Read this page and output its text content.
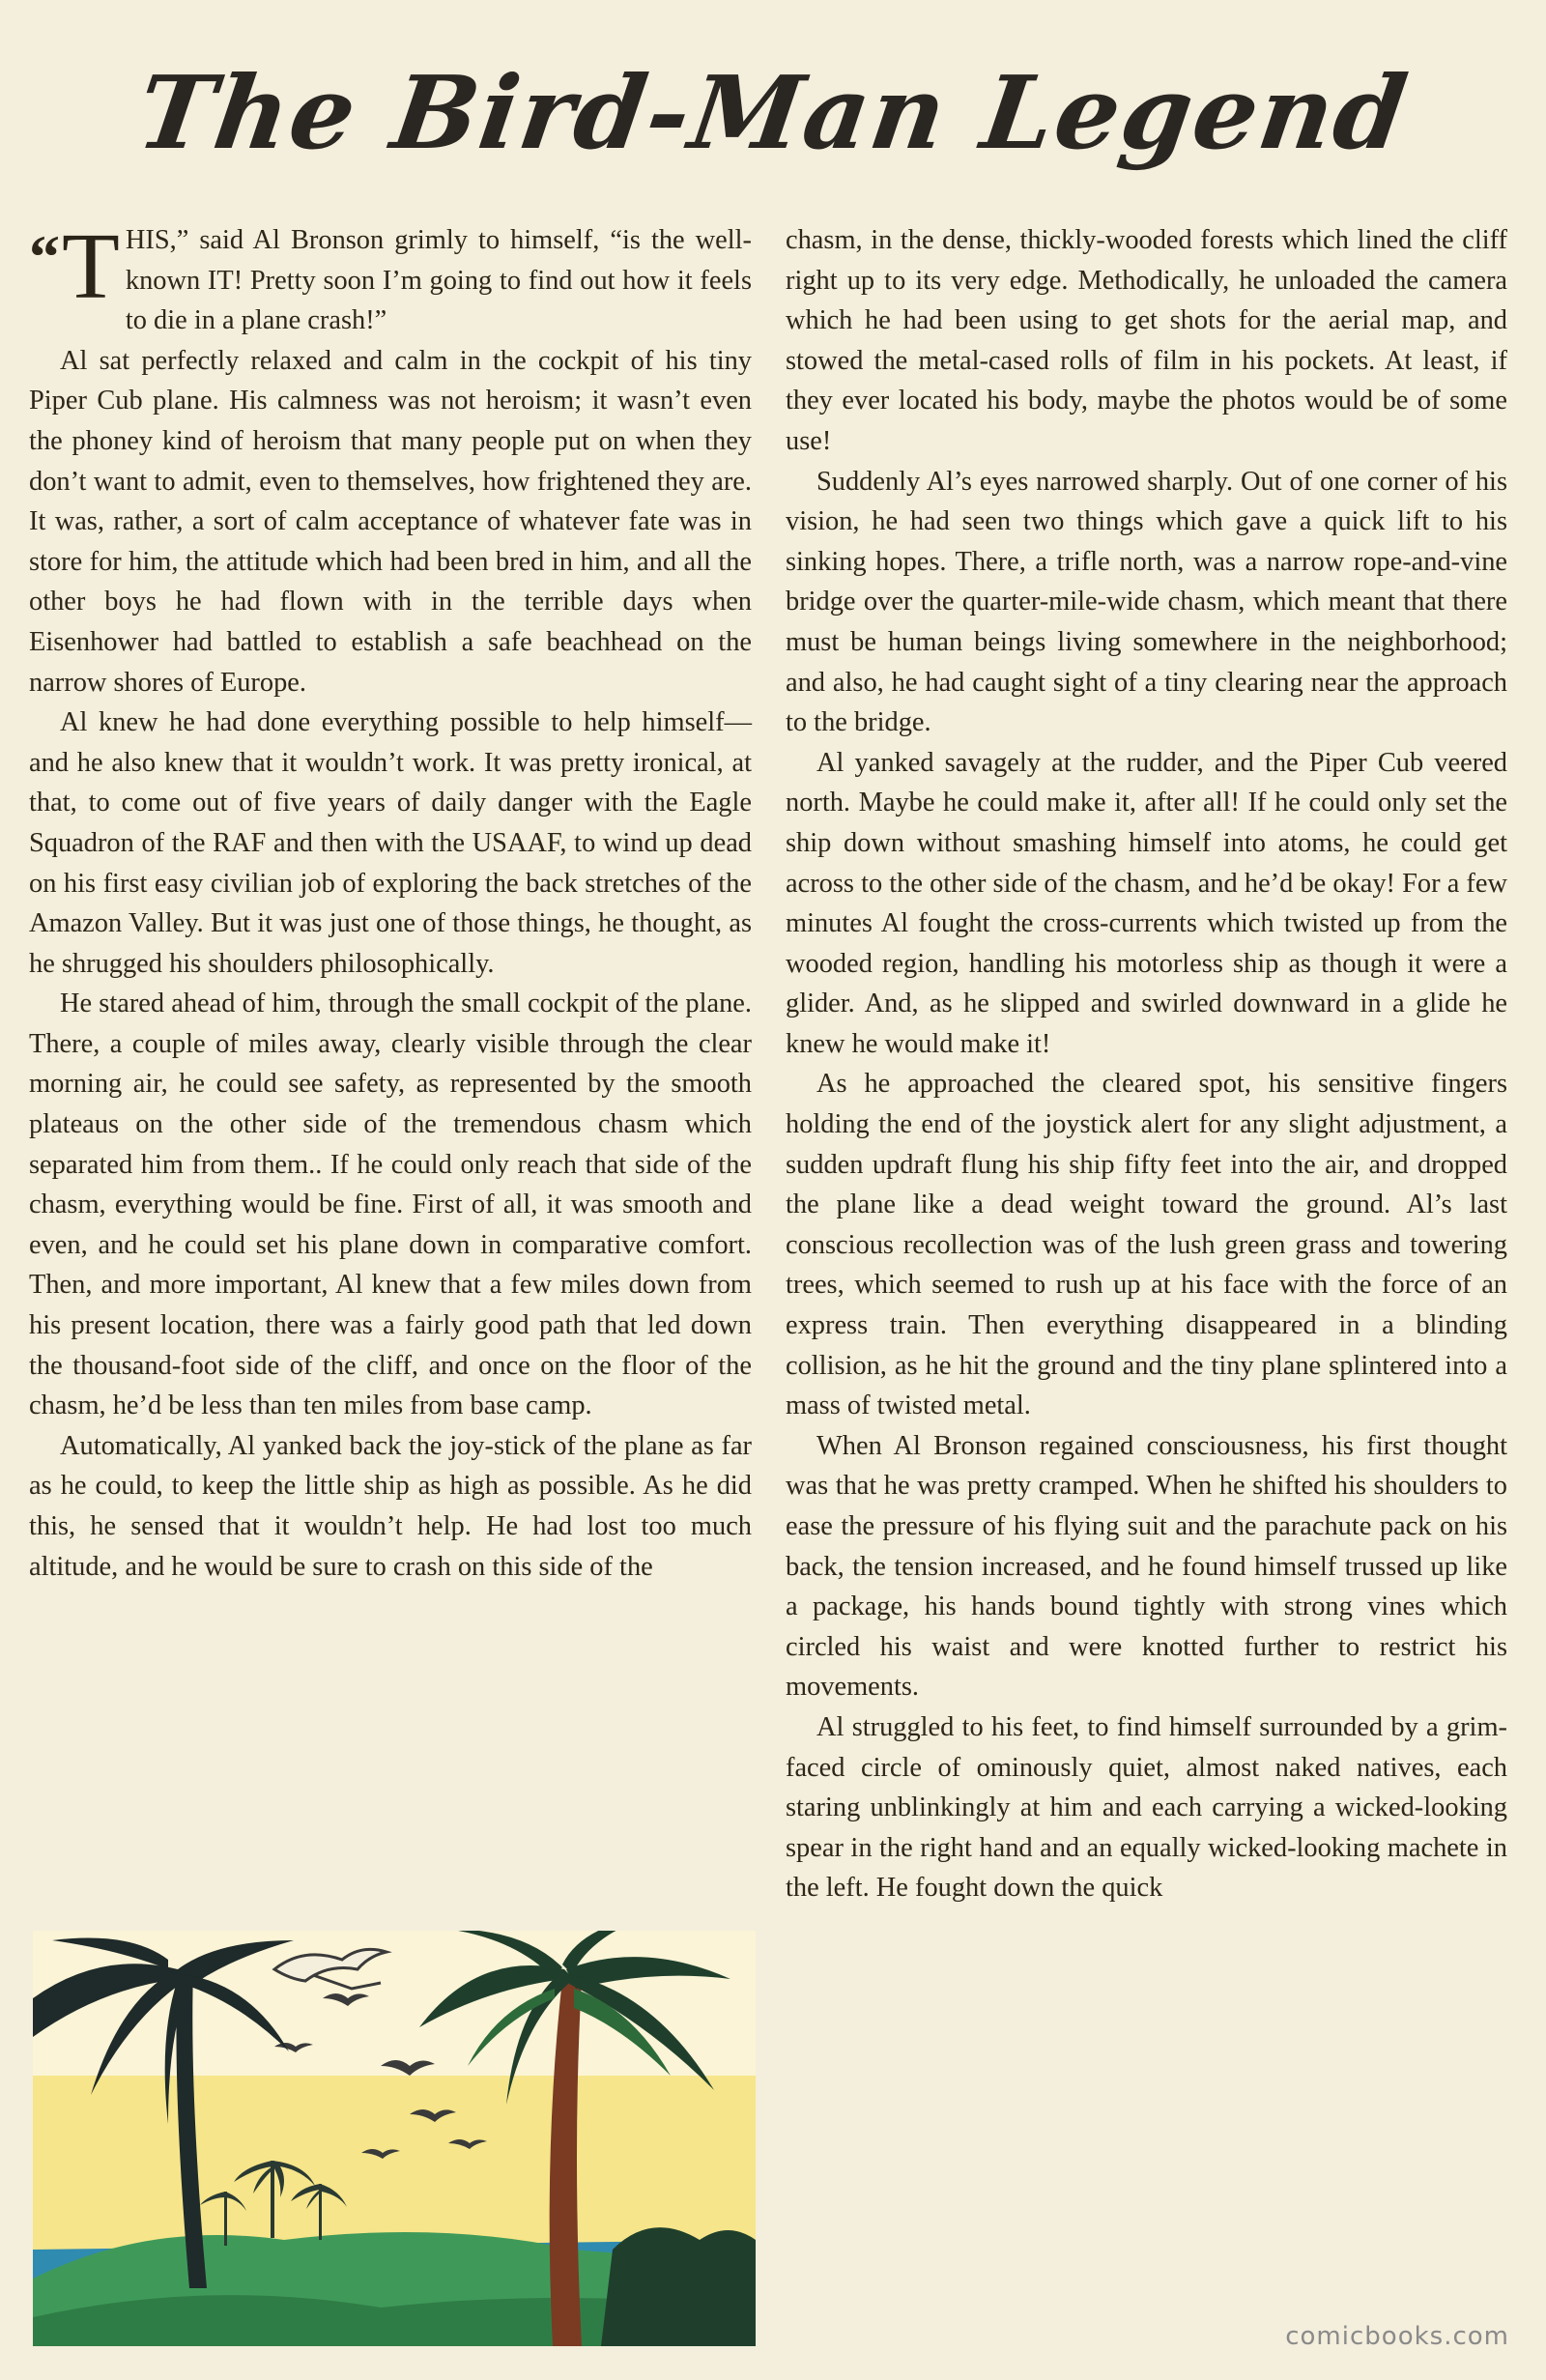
The Bird-Man Legend

“ T HIS,” said Al Bronson grimly to himself, “is the well-known IT! Pretty soon I’m going to find out how it feels to die in a plane crash!”

Al sat perfectly relaxed and calm in the cockpit of his tiny Piper Cub plane. His calmness was not heroism; it wasn’t even the phoney kind of heroism that many people put on when they don’t want to admit, even to themselves, how frightened they are. It was, rather, a sort of calm acceptance of whatever fate was in store for him, the attitude which had been bred in him, and all the other boys he had flown with in the terrible days when Eisenhower had battled to establish a safe beachhead on the narrow shores of Europe.

Al knew he had done everything possible to help himself—and he also knew that it wouldn’t work. It was pretty ironical, at that, to come out of five years of daily danger with the Eagle Squadron of the RAF and then with the USAAF, to wind up dead on his first easy civilian job of exploring the back stretches of the Amazon Valley. But it was just one of those things, he thought, as he shrugged his shoulders philosophically.

He stared ahead of him, through the small cockpit of the plane. There, a couple of miles away, clearly visible through the clear morning air, he could see safety, as represented by the smooth plateaus on the other side of the tremendous chasm which separated him from them.. If he could only reach that side of the chasm, everything would be fine. First of all, it was smooth and even, and he could set his plane down in comparative comfort. Then, and more important, Al knew that a few miles down from his present location, there was a fairly good path that led down the thousand-foot side of the cliff, and once on the floor of the chasm, he’d be less than ten miles from base camp.

Automatically, Al yanked back the joy-stick of the plane as far as he could, to keep the little ship as high as possible. As he did this, he sensed that it wouldn’t help. He had lost too much altitude, and he would be sure to crash on this side of the

chasm, in the dense, thickly-wooded forests which lined the cliff right up to its very edge. Methodically, he unloaded the camera which he had been using to get shots for the aerial map, and stowed the metal-cased rolls of film in his pockets. At least, if they ever located his body, maybe the photos would be of some use!

Suddenly Al’s eyes narrowed sharply. Out of one corner of his vision, he had seen two things which gave a quick lift to his sinking hopes. There, a trifle north, was a narrow rope-and-vine bridge over the quarter-mile-wide chasm, which meant that there must be human beings living somewhere in the neighborhood; and also, he had caught sight of a tiny clearing near the approach to the bridge.

Al yanked savagely at the rudder, and the Piper Cub veered north. Maybe he could make it, after all! If he could only set the ship down without smashing himself into atoms, he could get across to the other side of the chasm, and he’d be okay! For a few minutes Al fought the cross-currents which twisted up from the wooded region, handling his motorless ship as though it were a glider. And, as he slipped and swirled downward in a glide he knew he would make it!

As he approached the cleared spot, his sensitive fingers holding the end of the joystick alert for any slight adjustment, a sudden updraft flung his ship fifty feet into the air, and dropped the plane like a dead weight toward the ground. Al’s last conscious recollection was of the lush green grass and towering trees, which seemed to rush up at his face with the force of an express train. Then everything disappeared in a blinding collision, as he hit the ground and the tiny plane splintered into a mass of twisted metal.

When Al Bronson regained consciousness, his first thought was that he was pretty cramped. When he shifted his shoulders to ease the pressure of his flying suit and the parachute pack on his back, the tension increased, and he found himself trussed up like a package, his hands bound tightly with strong vines which circled his waist and were knotted further to restrict his movements.

Al struggled to his feet, to find himself surrounded by a grim-faced circle of ominously quiet, almost naked natives, each staring unblinkingly at him and each carrying a wicked-looking spear in the right hand and an equally wicked-looking machete in the left. He fought down the quick

comicbooks.com
